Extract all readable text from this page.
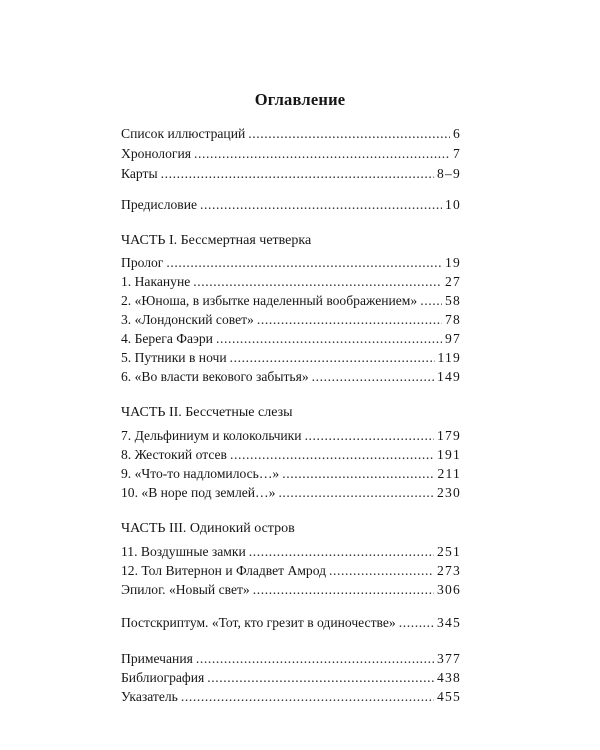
Оглавление
Список иллюстраций . . .	6
Хронология . . .	7
Карты . . .	8–9
Предисловие . . .	10
ЧАСТЬ I. Бессмертная четверка
Пролог . . .	19
1. Накануне . . .	27
2. «Юноша, в избытке наделенный воображением» . . . 58
3. «Лондонский совет» . . .	78
4. Берега Фаэри . . .	97
5. Путники в ночи . . .	119
6. «Во власти векового забытья» . . .	149
ЧАСТЬ II. Бессчетные слезы
7. Дельфиниум и колокольчики . . .	179
8. Жестокий отсев . . .	191
9. «Что-то надломилось…» . . .	211
10. «В норе под землей…» . . .	230
ЧАСТЬ III. Одинокий остров
11. Воздушные замки . . .	251
12. Тол Витернон и Фладвет Амрод . . .	273
Эпилог. «Новый свет» . . .	306
Постскриптум. «Тот, кто грезит в одиночестве» . . .	345
Примечания . . .	377
Библиография . . .	438
Указатель . . .	455
